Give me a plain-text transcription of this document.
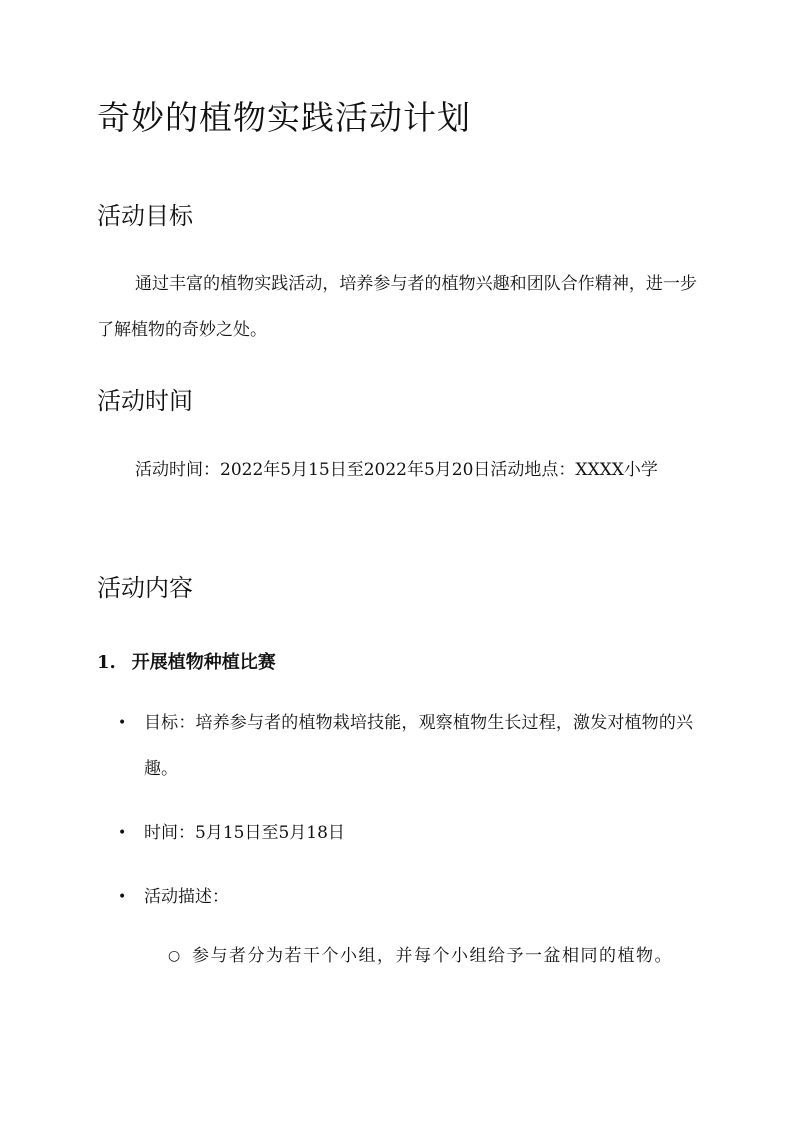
奇妙的植物实践活动计划
活动目标

通过丰富的植物实践活动，培养参与者的植物兴趣和团队合作精神，进一步了解植物的奇妙之处。

活动时间

活动时间：2022年5月15日至2022年5月20日活动地点：XXXX小学

活动内容
1. 开展植物种植比赛
• 目标：培养参与者的植物栽培技能，观察植物生长过程，激发对植物的兴趣。
• 时间：5月15日至5月18日
• 活动描述：
○ 参与者分为若干个小组，并每个小组给予一盆相同的植物。
